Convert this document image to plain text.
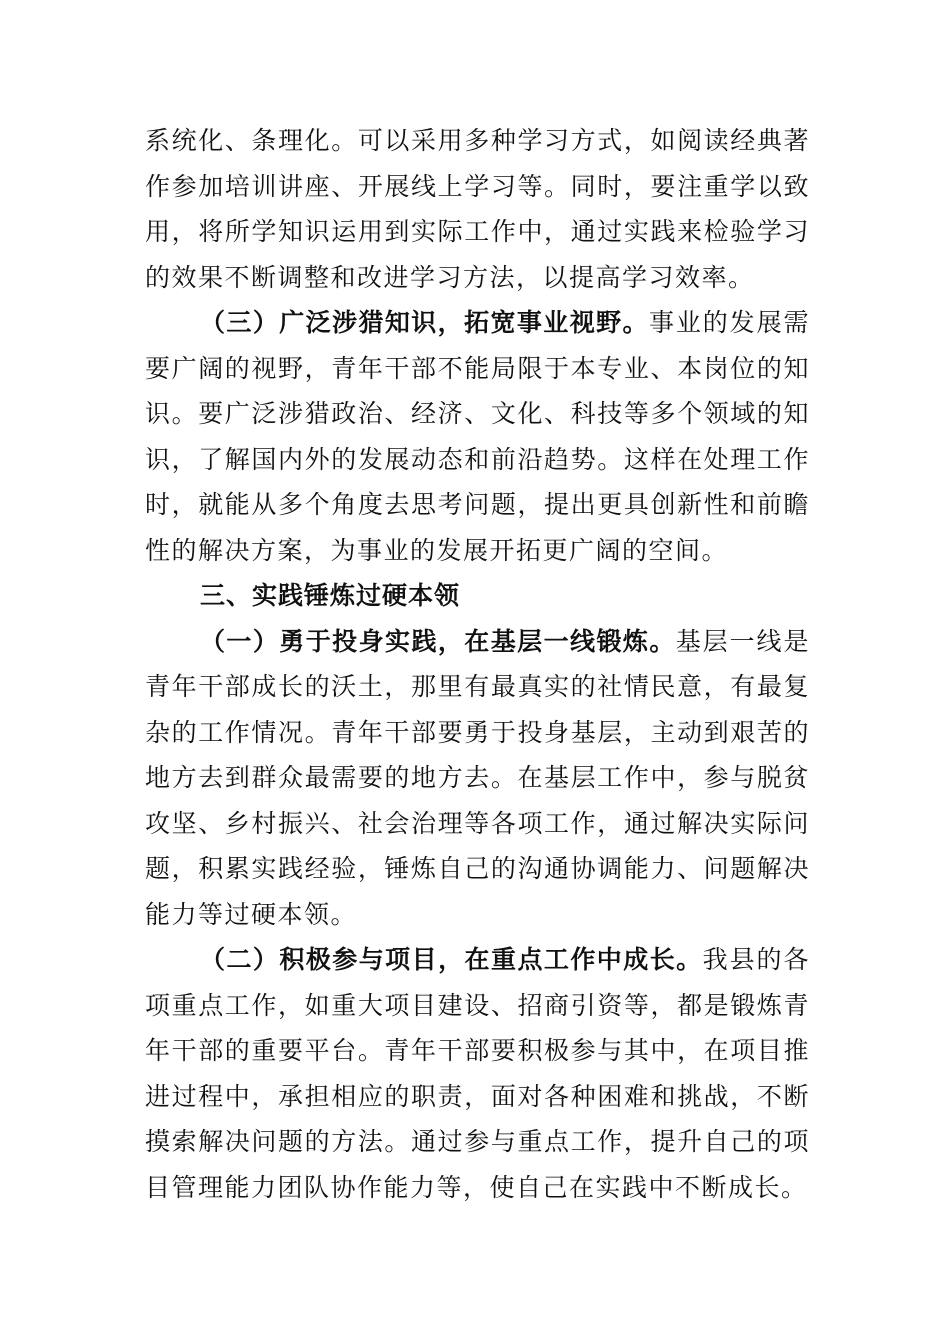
系统化、条理化。可以采用多种学习方式，如阅读经典著作参加培训讲座、开展线上学习等。同时，要注重学以致用，将所学知识运用到实际工作中，通过实践来检验学习的效果不断调整和改进学习方法，以提高学习效率。

（三）广泛涉猎知识，拓宽事业视野。事业的发展需要广阔的视野，青年干部不能局限于本专业、本岗位的知识。要广泛涉猎政治、经济、文化、科技等多个领域的知识，了解国内外的发展动态和前沿趋势。这样在处理工作时，就能从多个角度去思考问题，提出更具创新性和前瞻性的解决方案，为事业的发展开拓更广阔的空间。

三、实践锤炼过硬本领

（一）勇于投身实践，在基层一线锻炼。基层一线是青年干部成长的沃土，那里有最真实的社情民意，有最复杂的工作情况。青年干部要勇于投身基层，主动到艰苦的地方去到群众最需要的地方去。在基层工作中，参与脱贫攻坚、乡村振兴、社会治理等各项工作，通过解决实际问题，积累实践经验，锤炼自己的沟通协调能力、问题解决能力等过硬本领。

（二）积极参与项目，在重点工作中成长。我县的各项重点工作，如重大项目建设、招商引资等，都是锻炼青年干部的重要平台。青年干部要积极参与其中，在项目推进过程中，承担相应的职责，面对各种困难和挑战，不断摸索解决问题的方法。通过参与重点工作，提升自己的项目管理能力团队协作能力等，使自己在实践中不断成长。
